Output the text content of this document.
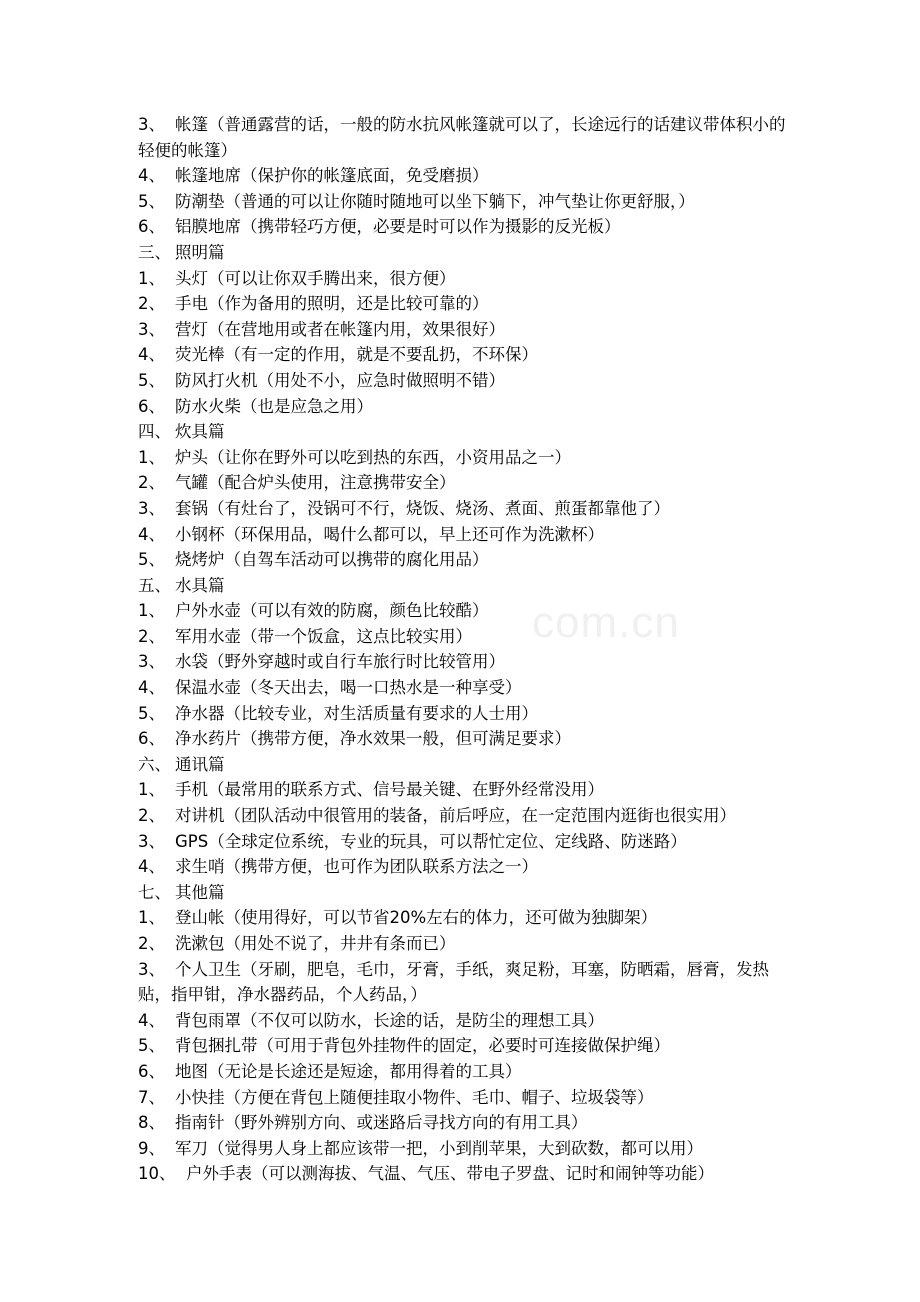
com.cn
3、 帐篷（普通露营的话，一般的防水抗风帐篷就可以了，长途远行的话建议带体积小的轻便的帐篷）
4、 帐篷地席（保护你的帐篷底面，免受磨损）
5、 防潮垫（普通的可以让你随时随地可以坐下躺下，冲气垫让你更舒服，）
6、 铝膜地席（携带轻巧方便，必要是时可以作为摄影的反光板）
三、 照明篇
1、 头灯（可以让你双手腾出来，很方便）
2、 手电（作为备用的照明，还是比较可靠的）
3、 营灯（在营地用或者在帐篷内用，效果很好）
4、 荧光棒（有一定的作用，就是不要乱扔，不环保）
5、 防风打火机（用处不小，应急时做照明不错）
6、 防水火柴（也是应急之用）
四、 炊具篇
1、 炉头（让你在野外可以吃到热的东西，小资用品之一）
2、 气罐（配合炉头使用，注意携带安全）
3、 套锅（有灶台了，没锅可不行，烧饭、烧汤、煮面、煎蛋都靠他了）
4、 小钢杯（环保用品，喝什么都可以，早上还可作为洗漱杯）
5、 烧烤炉（自驾车活动可以携带的腐化用品）
五、 水具篇
1、 户外水壶（可以有效的防腐，颜色比较酷）
2、 军用水壶（带一个饭盒，这点比较实用）
3、 水袋（野外穿越时或自行车旅行时比较管用）
4、 保温水壶（冬天出去，喝一口热水是一种享受）
5、 净水器（比较专业，对生活质量有要求的人士用）
6、 净水药片（携带方便，净水效果一般，但可满足要求）
六、 通讯篇
1、 手机（最常用的联系方式、信号最关键、在野外经常没用）
2、 对讲机（团队活动中很管用的装备，前后呼应，在一定范围内逛街也很实用）
3、 GPS（全球定位系统，专业的玩具，可以帮忙定位、定线路、防迷路）
4、 求生哨（携带方便，也可作为团队联系方法之一）
七、 其他篇
1、 登山帐（使用得好，可以节省20%左右的体力，还可做为独脚架）
2、 洗漱包（用处不说了，井井有条而已）
3、 个人卫生（牙刷，肥皂，毛巾，牙膏，手纸，爽足粉，耳塞，防晒霜，唇膏，发热贴，指甲钳，净水器药品，个人药品，）
4、 背包雨罩（不仅可以防水，长途的话，是防尘的理想工具）
5、 背包捆扎带（可用于背包外挂物件的固定，必要时可连接做保护绳）
6、 地图（无论是长途还是短途，都用得着的工具）
7、 小快挂（方便在背包上随便挂取小物件、毛巾、帽子、垃圾袋等）
8、 指南针（野外辨别方向、或迷路后寻找方向的有用工具）
9、 军刀（觉得男人身上都应该带一把，小到削苹果，大到砍数，都可以用）
10、 户外手表（可以测海拔、气温、气压、带电子罗盘、记时和闹钟等功能）
